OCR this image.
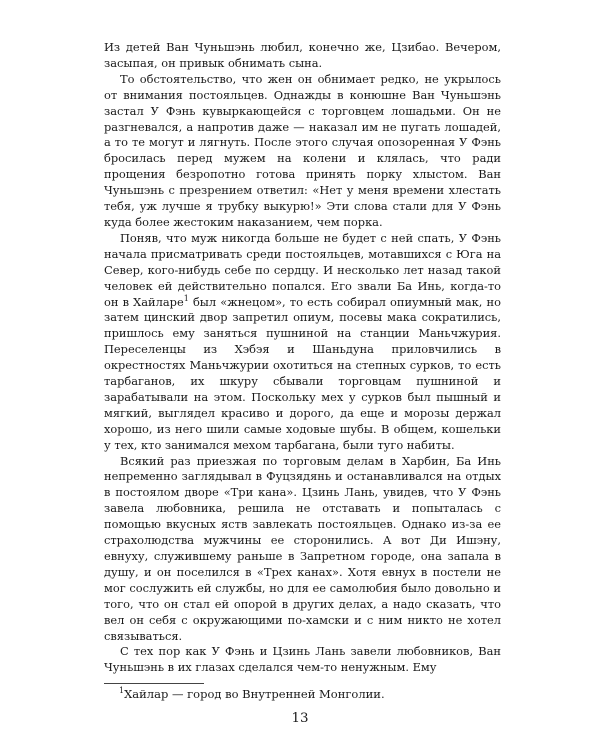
Из детей Ван Чуньшэнь любил, конечно же, Цзибао. Вечером, засыпая, он привык обнимать сына.

То обстоятельство, что жен он обнимает редко, не укрылось от внимания постояльцев. Однажды в конюшне Ван Чуньшэнь застал У Фэнь кувыркающейся с торговцем лошадьми. Он не разгневался, а напротив даже — наказал им не пугать лошадей, а то те могут и лягнуть. После этого случая опозоренная У Фэнь бросилась перед мужем на колени и клялась, что ради прощения безропотно готова принять порку хлыстом. Ван Чуньшэнь с презрением ответил: «Нет у меня времени хлестать тебя, уж лучше я трубку выкурю!» Эти слова стали для У Фэнь куда более жестоким наказанием, чем порка.

Поняв, что муж никогда больше не будет с ней спать, У Фэнь начала присматривать среди постояльцев, мотавшихся с Юга на Север, кого-нибудь себе по сердцу. И несколько лет назад такой человек ей действительно попался. Его звали Ба Инь, когда-то он в Хайларе$^1$ был «жнецом», то есть собирал опиумный мак, но затем цинский двор запретил опиум, посевы мака сократились, пришлось ему заняться пушниной на станции Маньчжурия. Переселенцы из Хэбэя и Шаньдуна приловчились в окрестностях Маньчжурии охотиться на степных сурков, то есть тарбаганов, их шкуру сбывали торговцам пушниной и зарабатывали на этом. Поскольку мех у сурков был пышный и мягкий, выглядел красиво и дорого, да еще и морозы держал хорошо, из него шили самые ходовые шубы. В общем, кошельки у тех, кто занимался мехом тарбагана, были туго набиты.

Всякий раз приезжая по торговым делам в Харбин, Ба Инь непременно заглядывал в Фуцзядянь и останавливался на отдых в постоялом дворе «Три кана». Цзинь Лань, увидев, что У Фэнь завела любовника, решила не отставать и попыталась с помощью вкусных яств завлекать постояльцев. Однако из-за ее страхолюдства мужчины ее сторонились. А вот Ди Ишэну, евнуху, служившему раньше в Запретном городе, она запала в душу, и он поселился в «Трех канах». Хотя евнух в постели не мог сослужить ей службы, но для ее самолюбия было довольно и того, что он стал ей опорой в других делах, а надо сказать, что вел он себя с окружающими по-хамски и с ним никто не хотел связываться.

С тех пор как У Фэнь и Цзинь Лань завели любовников, Ван Чуньшэнь в их глазах сделался чем-то ненужным. Ему

$^1$Хайлар — город во Внутренней Монголии.

13
